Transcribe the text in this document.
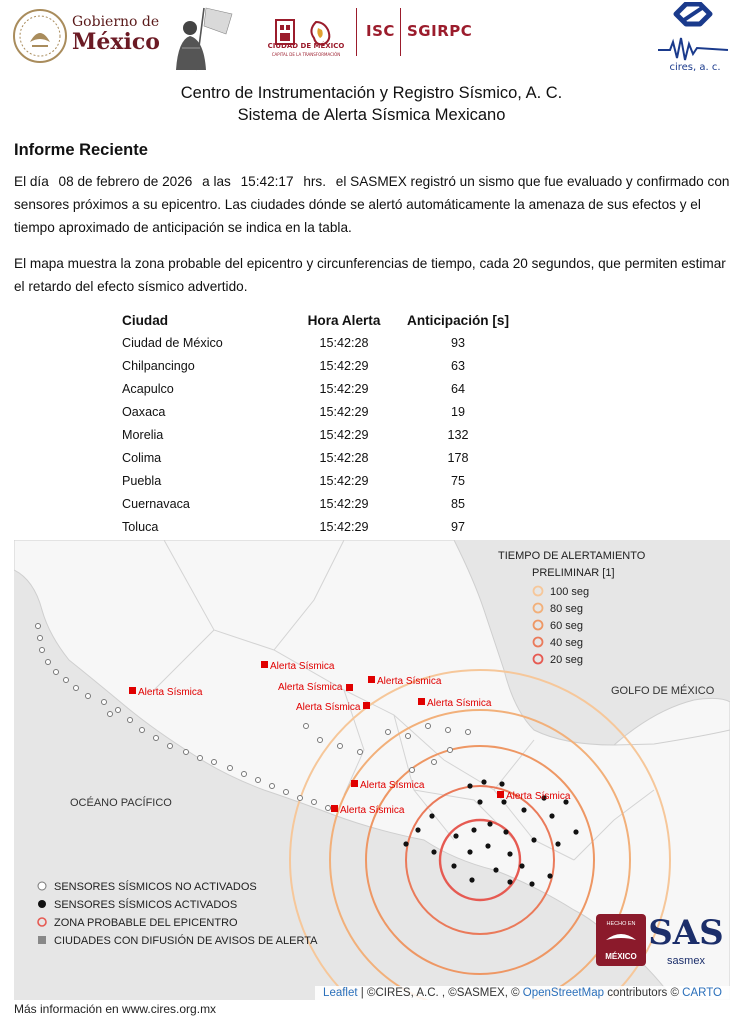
Gobierno de
México	CIUDAD DE MÉXICO
CAPITAL DE LA TRANSFORMACIÓN
ISC SGIRPC
cires, a. c.
Centro de Instrumentación y Registro Sísmico, A. C.
Sistema de Alerta Sísmica Mexicano
Informe Reciente
El día 08 de febrero de 2026 a las 15:42:17 hrs. el SASMEX registró un sismo que fue evaluado y confirmado con sensores próximos a su epicentro. Las ciudades dónde se alertó automáticamente la amenaza de sus efectos y el tiempo aproximado de anticipación se indica en la tabla.
El mapa muestra la zona probable del epicentro y circunferencias de tiempo, cada 20 segundos, que permiten estimar el retardo del efecto sísmico advertido.
Ciudad	Hora Alerta	Anticipación [s]
Ciudad de México	15:42:28	93
Chilpancingo	15:42:29	63
Acapulco	15:42:29	64
Oaxaca	15:42:29	19
Morelia	15:42:29	132
Colima	15:42:28	178
Puebla	15:42:29	75
Cuernavaca	15:42:29	85
Toluca	15:42:29	97
Alerta Sísmica
Alerta Sísmica
Alerta Sísmica
Alerta Sísmica
Alerta Sísmica	Alerta Sísmica
Alerta Sísmica
Alerta Sísmica
Alerta Sísmica
GOLFO DE MÉXICO
OCÉANO PACÍFICO
TIEMPO DE ALERTAMIENTO
PRELIMINAR [1]
100 seg
80 seg
60 seg
40 seg
20 seg
SENSORES SÍSMICOS NO ACTIVADOS
SENSORES SÍSMICOS ACTIVADOS
ZONA PROBABLE DEL EPICENTRO
CIUDADES CON DIFUSIÓN DE AVISOS DE ALERTA
HECHO EN
MÉXICO
SAS
sasmex
Leaflet | ©CIRES, A.C. , ©SASMEX, © OpenStreetMap contributors © CARTO
Más información en www.cires.org.mx
